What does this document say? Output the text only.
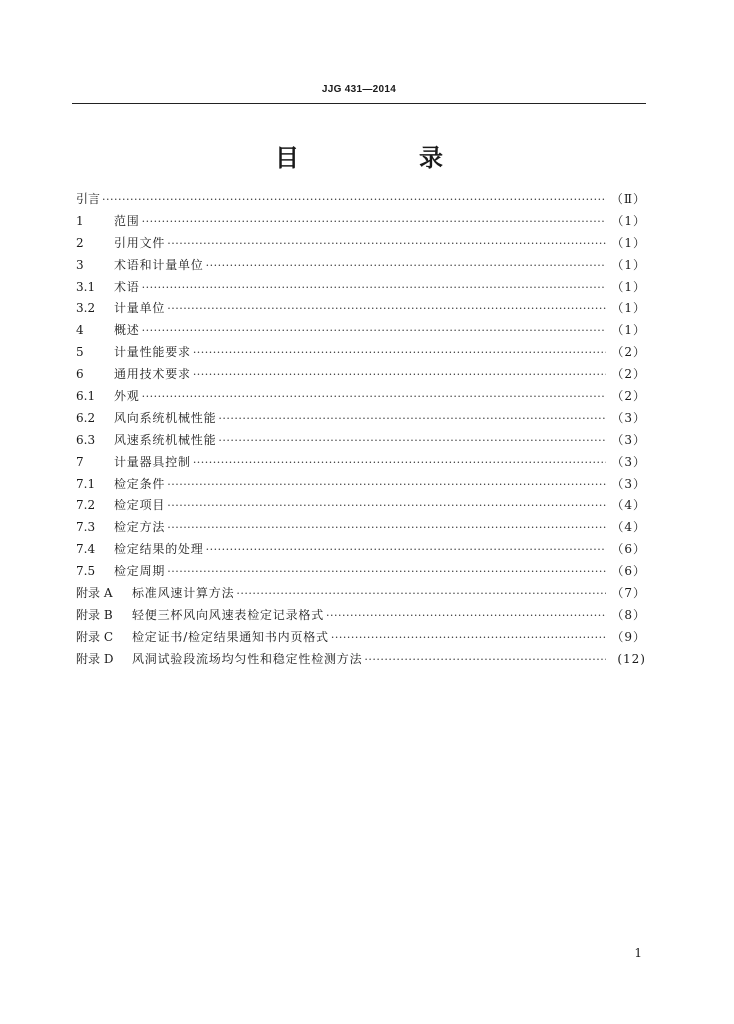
JJG 431—2014
目　录
引言 ·····	（Ⅱ）
1	范围 ·····	（1）
2	引用文件 ·····	（1）
3	术语和计量单位 ·····	（1）
3.1	术语 ·····	（1）
3.2	计量单位 ·····	（1）
4	概述 ·····	（1）
5	计量性能要求 ·····	（2）
6	通用技术要求 ·····	（2）
6.1	外观 ·····	（2）
6.2	风向系统机械性能 ·····	（3）
6.3	风速系统机械性能 ·····	（3）
7	计量器具控制 ·····	（3）
7.1	检定条件 ·····	（3）
7.2	检定项目 ·····	（4）
7.3	检定方法 ·····	（4）
7.4	检定结果的处理 ·····	（6）
7.5	检定周期 ·····	（6）
附录 A	标准风速计算方法 ·····	（7）
附录 B	轻便三杯风向风速表检定记录格式 ·····	（8）
附录 C	检定证书/检定结果通知书内页格式 ·····	（9）
附录 D	风洞试验段流场均匀性和稳定性检测方法 ·····	(12)
1
